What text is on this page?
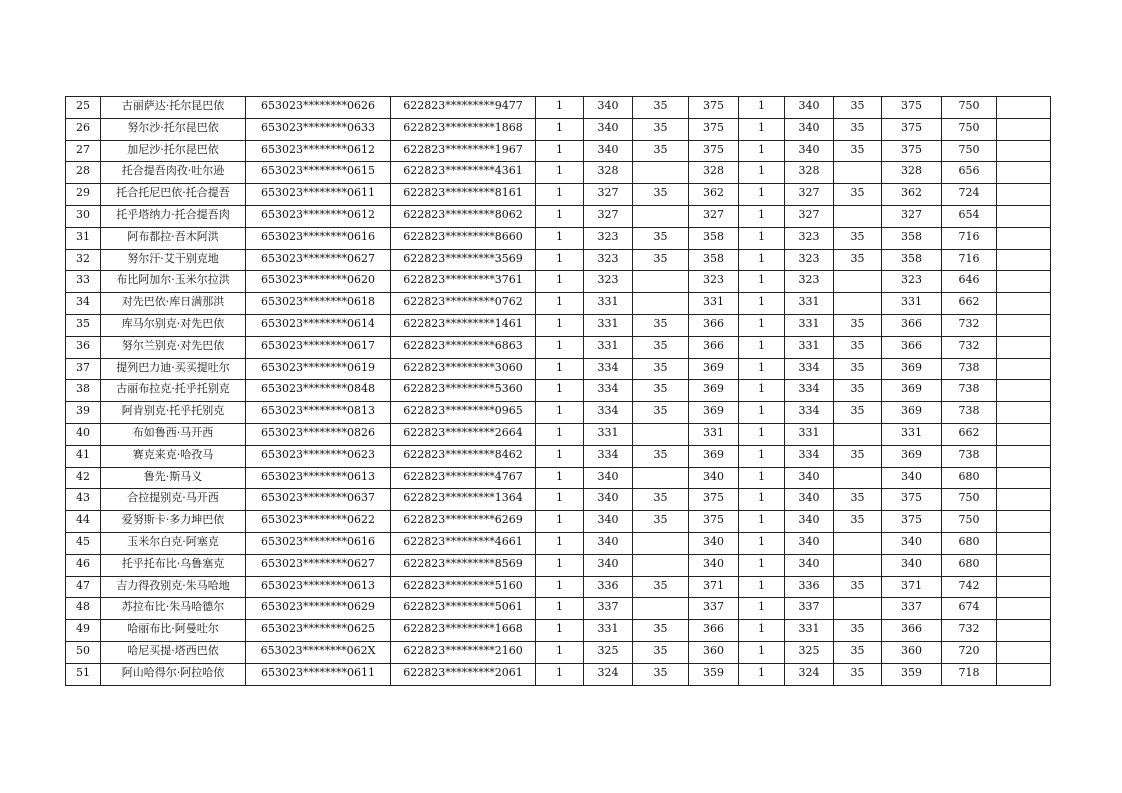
25	古丽萨达·托尔昆巴依	653023********0626	622823*********9477	1	340	35	375	1	340	35	375	750	
26	努尔沙·托尔昆巴依	653023********0633	622823*********1868	1	340	35	375	1	340	35	375	750	
27	加尼沙·托尔昆巴依	653023********0612	622823*********1967	1	340	35	375	1	340	35	375	750	
28	托合提吾肉孜·吐尔逊	653023********0615	622823*********4361	1	328		328	1	328		328	656	
29	托合托尼巴依·托合提吾	653023********0611	622823*********8161	1	327	35	362	1	327	35	362	724	
30	托乎塔纳力·托合提吾肉	653023********0612	622823*********8062	1	327		327	1	327		327	654	
31	阿布都拉·吾木阿洪	653023********0616	622823*********8660	1	323	35	358	1	323	35	358	716	
32	努尔汗·艾干别克地	653023********0627	622823*********3569	1	323	35	358	1	323	35	358	716	
33	布比阿加尔·玉米尔拉洪	653023********0620	622823*********3761	1	323		323	1	323		323	646	
34	对先巴依·库日满那洪	653023********0618	622823*********0762	1	331		331	1	331		331	662	
35	库马尔别克·对先巴依	653023********0614	622823*********1461	1	331	35	366	1	331	35	366	732	
36	努尔兰别克·对先巴依	653023********0617	622823*********6863	1	331	35	366	1	331	35	366	732	
37	提列巴力迪·买买提吐尔	653023********0619	622823*********3060	1	334	35	369	1	334	35	369	738	
38	古丽布拉克·托乎托别克	653023********0848	622823*********5360	1	334	35	369	1	334	35	369	738	
39	阿肯别克·托乎托别克	653023********0813	622823*********0965	1	334	35	369	1	334	35	369	738	
40	布如鲁西·马开西	653023********0826	622823*********2664	1	331		331	1	331		331	662	
41	赛克来克·哈孜马	653023********0623	622823*********8462	1	334	35	369	1	334	35	369	738	
42	鲁先·斯马义	653023********0613	622823*********4767	1	340		340	1	340		340	680	
43	合拉提别克·马开西	653023********0637	622823*********1364	1	340	35	375	1	340	35	375	750	
44	爱努斯卡·多力坤巴依	653023********0622	622823*********6269	1	340	35	375	1	340	35	375	750	
45	玉米尔白克·阿塞克	653023********0616	622823*********4661	1	340		340	1	340		340	680	
46	托乎托布比·乌鲁塞克	653023********0627	622823*********8569	1	340		340	1	340		340	680	
47	吉力得孜别克·朱马哈地	653023********0613	622823*********5160	1	336	35	371	1	336	35	371	742	
48	苏拉布比·朱马哈德尔	653023********0629	622823*********5061	1	337		337	1	337		337	674	
49	哈丽布比·阿曼吐尔	653023********0625	622823*********1668	1	331	35	366	1	331	35	366	732	
50	哈尼买提·塔西巴依	653023********062X	622823*********2160	1	325	35	360	1	325	35	360	720	
51	阿山哈得尔·阿拉哈依	653023********0611	622823*********2061	1	324	35	359	1	324	35	359	718	
